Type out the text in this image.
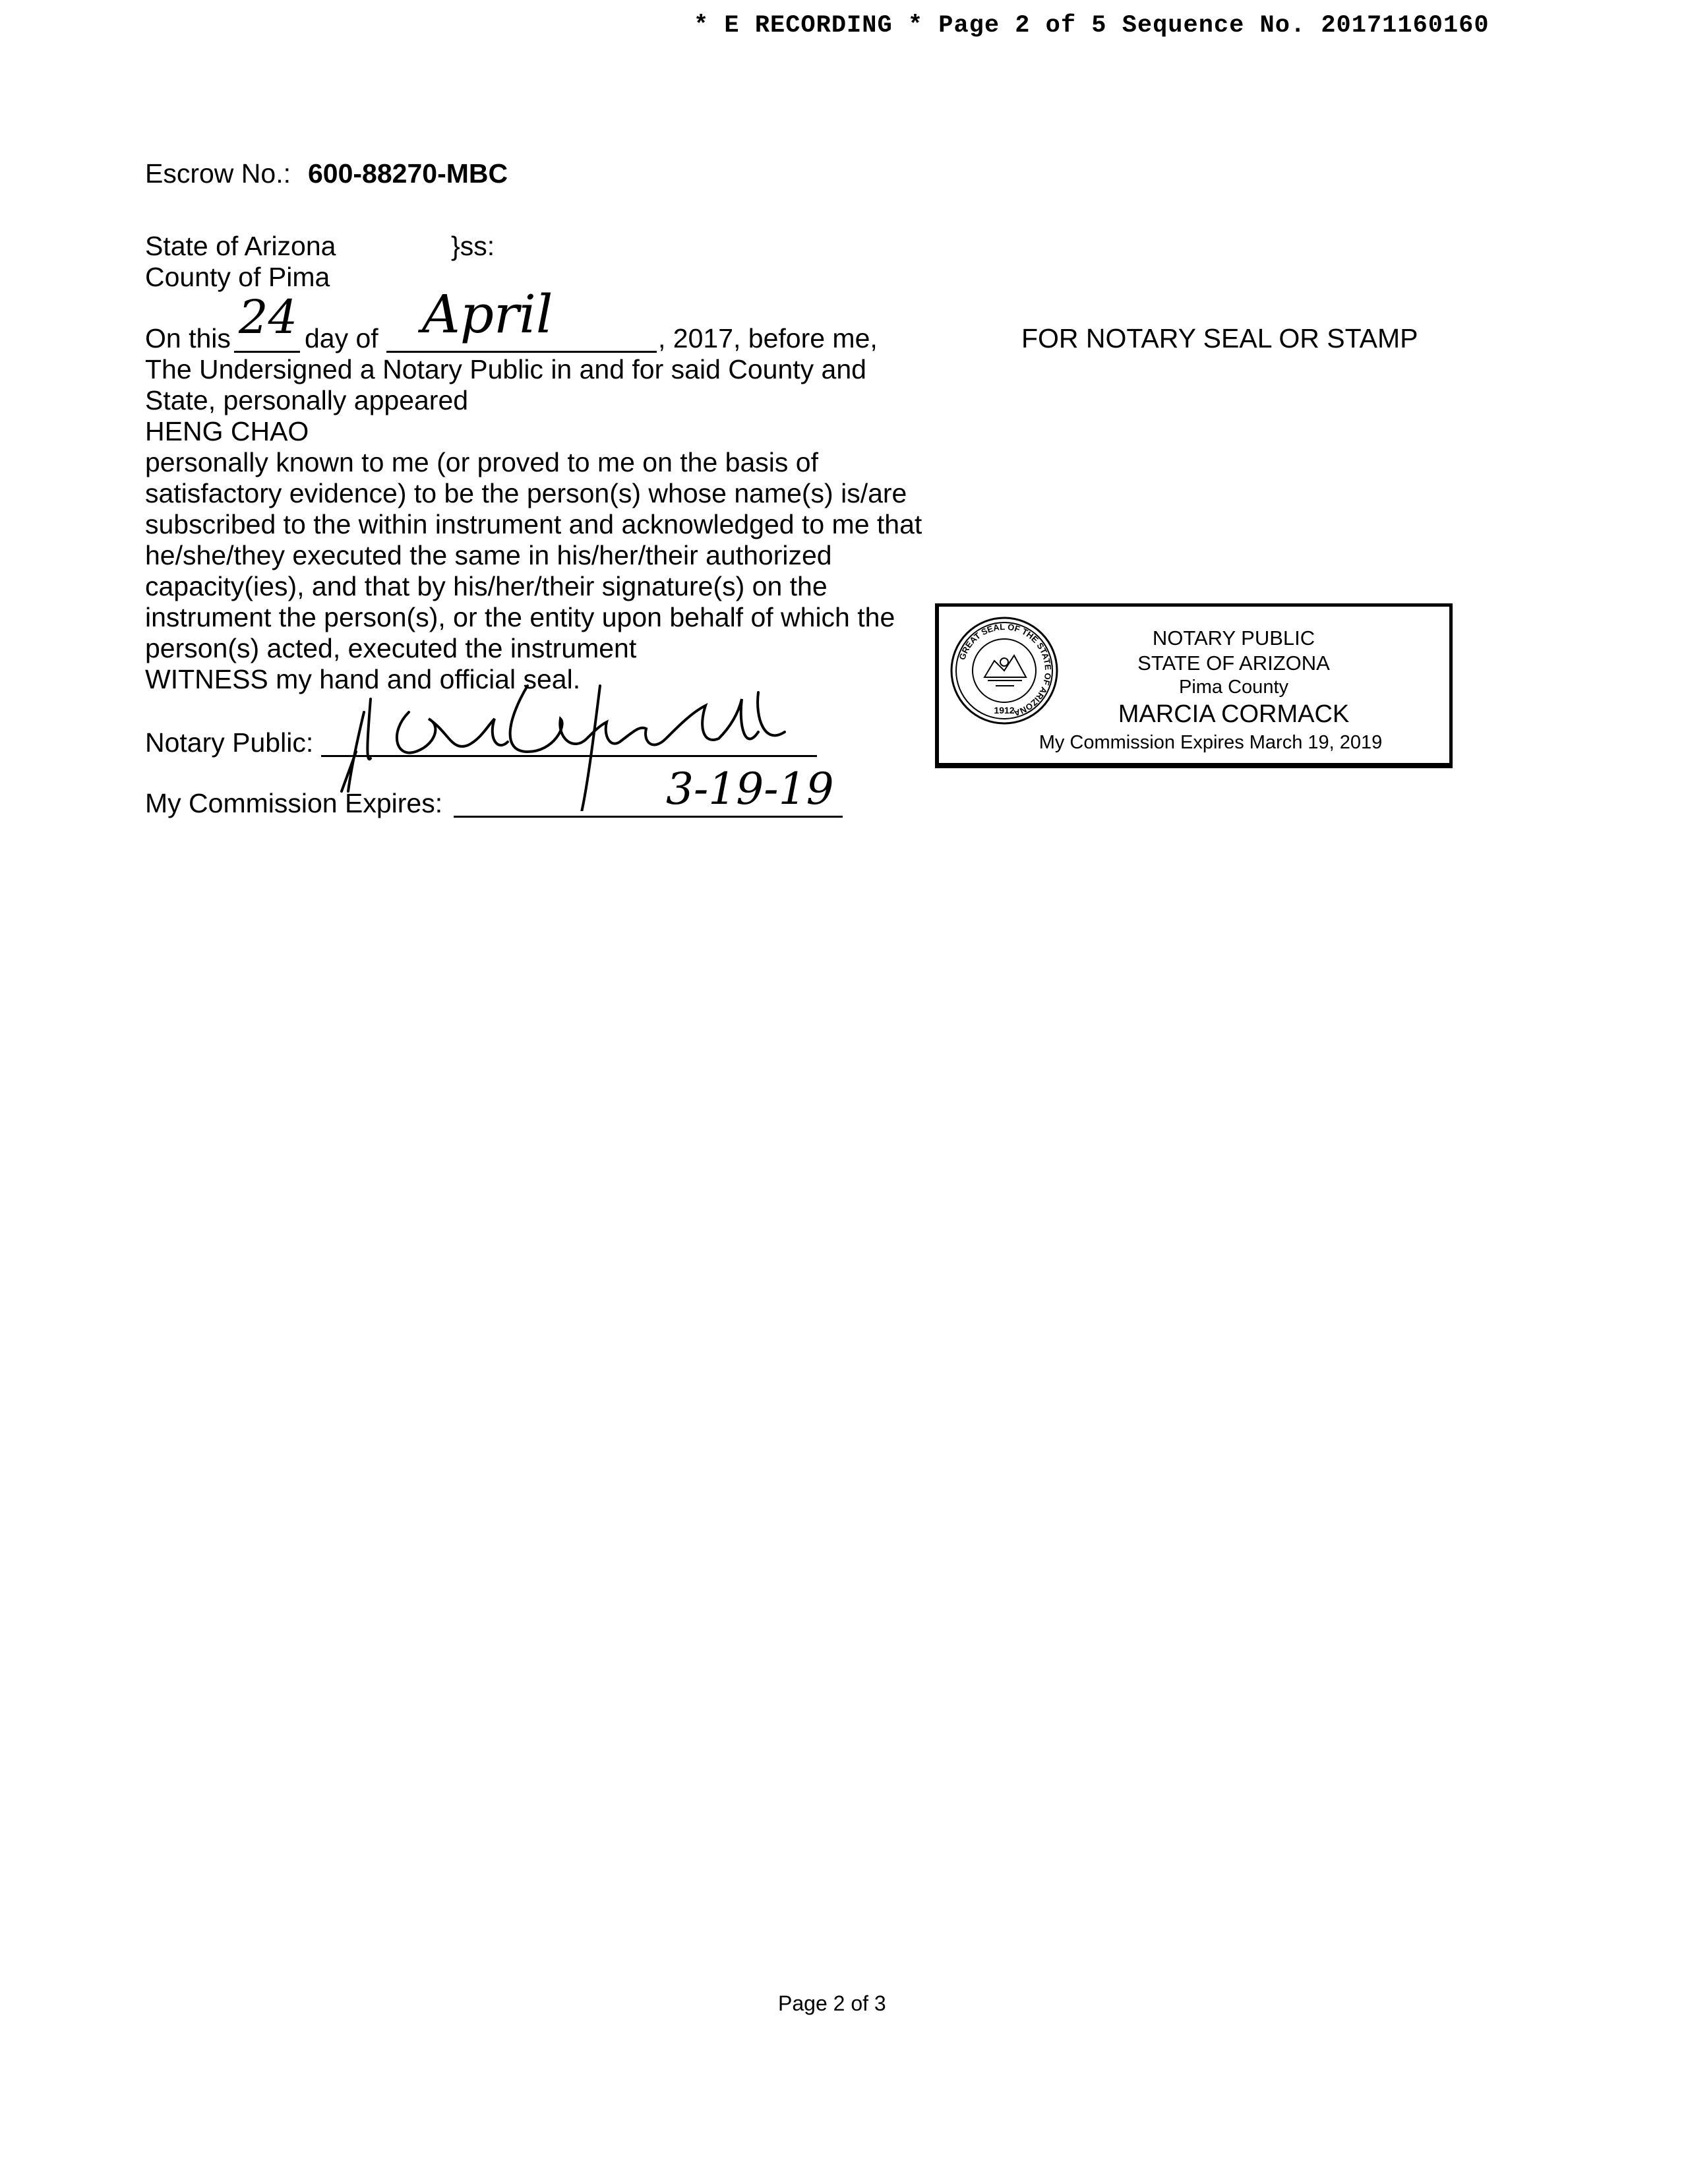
* E RECORDING * Page 2 of 5 Sequence No. 20171160160
Escrow No.: 600-88270-MBC
State of Arizona	}ss:
County of Pima
On this 24 day of April	, 2017, before me,
The Undersigned a Notary Public in and for said County and
State, personally appeared
HENG CHAO
personally known to me (or proved to me on the basis of
satisfactory evidence) to be the person(s) whose name(s) is/are
subscribed to the within instrument and acknowledged to me that
he/she/they executed the same in his/her/their authorized
capacity(ies), and that by his/her/their signature(s) on the
instrument the person(s), or the entity upon behalf of which the
person(s) acted, executed the instrument
WITNESS my hand and official seal.
Notary Public:
My Commission Expires:	3-19-19
FOR NOTARY SEAL OR STAMP
GREAT SEAL OF THE STATE OF ARIZONA
1912
NOTARY PUBLIC
STATE OF ARIZONA
Pima County
MARCIA CORMACK
My Commission Expires March 19, 2019
Page 2 of 3
